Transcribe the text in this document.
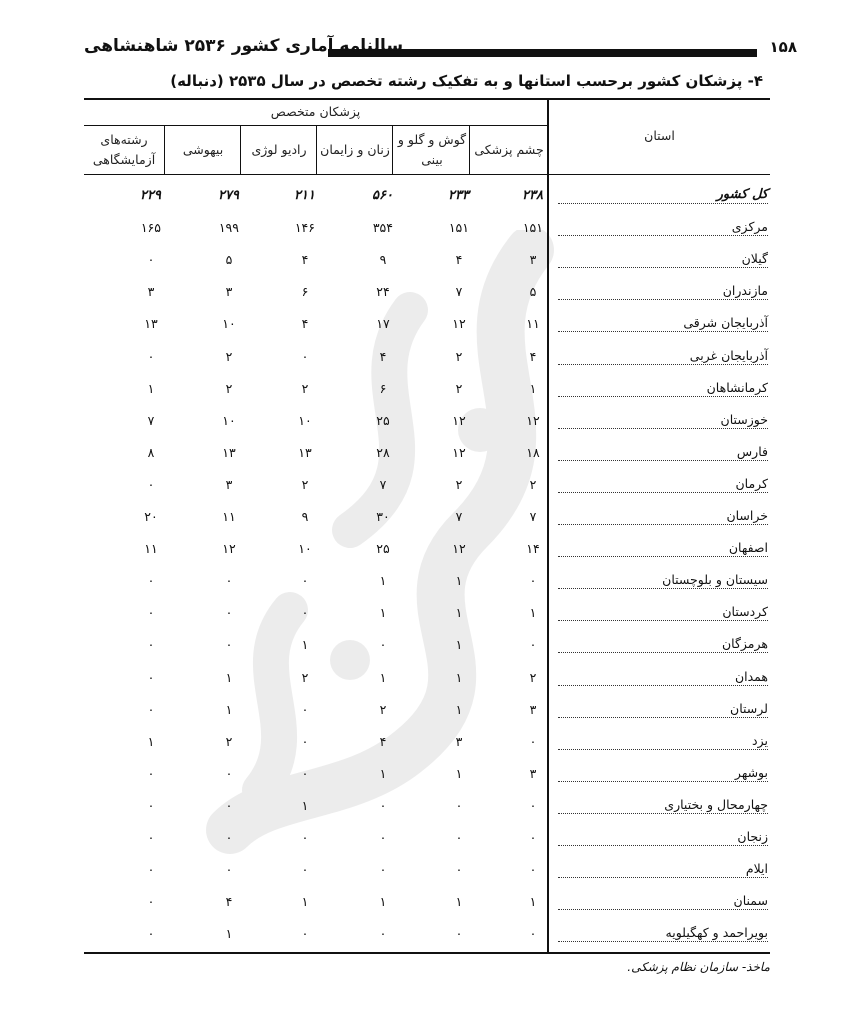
۱۵۸
سالنامه آماری کشور ۲۵۳۶ شاهنشاهی
۴- پزشکان کشور برحسب استانها و به تفکیک رشته تخصص در سال ۲۵۳۵ (دنباله)
استان
پزشکان متخصص
چشم پزشکی
گوش و گلو و بینی
زنان و زایمان
رادیو لوژی
بیهوشی
رشته‌های آزمایشگاهی
کل کشور
۲۳۸
۲۳۳
۵۶۰
۲۱۱
۲۷۹
۲۲۹
مرکزی
۱۵۱
۱۵۱
۳۵۴
۱۴۶
۱۹۹
۱۶۵
گیلان
۳
۴
۹
۴
۵
۰
مازندران
۵
۷
۲۴
۶
۳
۳
آذربایجان شرقی
۱۱
۱۲
۱۷
۴
۱۰
۱۳
آذربایجان غربی
۴
۲
۴
۰
۲
۰
کرمانشاهان
۱
۲
۶
۲
۲
۱
خوزستان
۱۲
۱۲
۲۵
۱۰
۱۰
۷
فارس
۱۸
۱۲
۲۸
۱۳
۱۳
۸
کرمان
۲
۲
۷
۲
۳
۰
خراسان
۷
۷
۳۰
۹
۱۱
۲۰
اصفهان
۱۴
۱۲
۲۵
۱۰
۱۲
۱۱
سیستان و بلوچستان
۰
۱
۱
۰
۰
۰
کردستان
۱
۱
۱
۰
۰
۰
هرمزگان
۰
۱
۰
۱
۰
۰
همدان
۲
۱
۱
۲
۱
۰
لرستان
۳
۱
۲
۰
۱
۰
یزد
۰
۳
۴
۰
۲
۱
بوشهر
۳
۱
۱
۰
۰
۰
چهارمحال و بختیاری
۰
۰
۰
۱
۰
۰
زنجان
۰
۰
۰
۰
۰
۰
ایلام
۰
۰
۰
۰
۰
۰
سمنان
۱
۱
۱
۱
۴
۰
بویراحمد و کهگیلویه
۰
۰
۰
۰
۱
۰
ماخذ- سازمان نظام پزشکی.
